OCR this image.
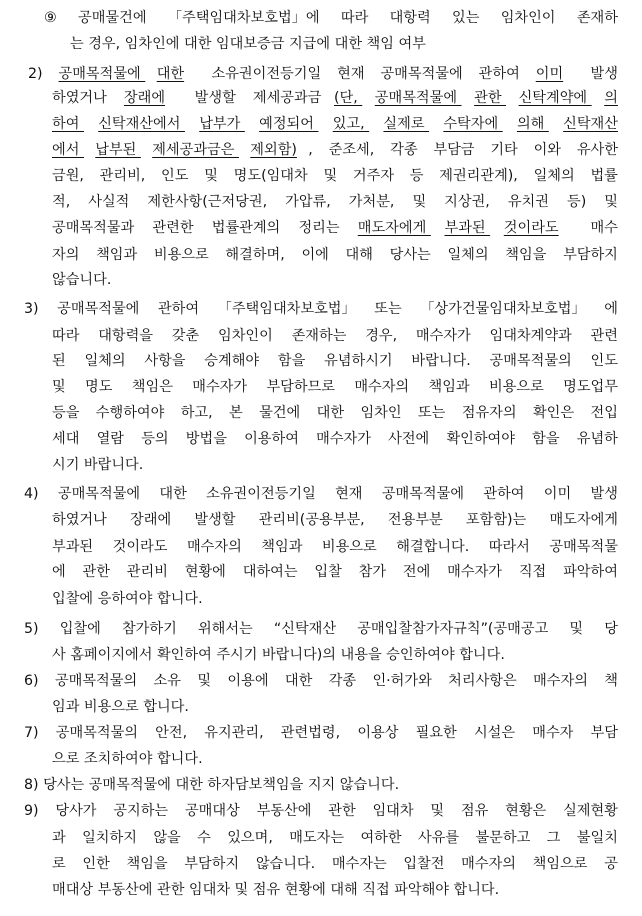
⑨ 공매물건에 「주택임대차보호법」에 따라 대항력 있는 임차인이 존재하
는 경우, 임차인에 대한 임대보증금 지급에 대한 책임 여부
2) 공매목적물에 대한
소유권이전등기일 현재 공매목적물에 관하여 이미
발생
하였거나 장래에
발생할 제세공과금 (단, 공매목적물에 관한 신탁계약에 의
하여 신탁재산에서 납부가 예정되어 있고, 실제로 수탁자에 의해 신탁재산
에서 납부된 제세공과금은 제외함) , 준조세, 각종 부담금 기타 이와 유사한
금원, 관리비, 인도 및 명도(임대차 및 거주자 등 제권리관계), 일체의 법률
적, 사실적 제한사항(근저당권, 가압류, 가처분, 및 지상권, 유치권 등) 및
공매목적물과 관련한 법률관계의 정리는 매도자에게 부과된 것이라도
매수
자의 책임과 비용으로 해결하며, 이에 대해 당사는 일체의 책임을 부담하지
않습니다.
3) 공매목적물에 관하여 「주택임대차보호법」 또는 「상가건물임대차보호법」 에
따라 대항력을 갖춘 임차인이 존재하는 경우, 매수자가 임대차계약과 관련
된 일체의 사항을 승계해야 함을 유념하시기 바랍니다. 공매목적물의 인도
및 명도 책임은 매수자가 부담하므로 매수자의 책임과 비용으로 명도업무
등을 수행하여야 하고, 본 물건에 대한 임차인 또는 점유자의 확인은 전입
세대 열람 등의 방법을 이용하여 매수자가 사전에 확인하여야 함을 유념하
시기 바랍니다.
4) 공매목적물에 대한 소유권이전등기일 현재 공매목적물에 관하여 이미 발생
하였거나 장래에 발생할 관리비(공용부분, 전용부분 포함함)는 매도자에게
부과된 것이라도 매수자의 책임과 비용으로 해결합니다. 따라서 공매목적물
에 관한 관리비 현황에 대하여는 입찰 참가 전에 매수자가 직접 파악하여
입찰에 응하여야 합니다.
5) 입찰에 참가하기 위해서는 “신탁재산 공매입찰참가자규칙”(공매공고 및 당
사 홈페이지에서 확인하여 주시기 바랍니다)의 내용을 승인하여야 합니다.
6) 공매목적물의 소유 및 이용에 대한 각종 인·허가와 처리사항은 매수자의 책
임과 비용으로 합니다.
7) 공매목적물의 안전, 유지관리, 관련법령, 이용상 필요한 시설은 매수자 부담
으로 조치하여야 합니다.
8) 당사는 공매목적물에 대한 하자담보책임을 지지 않습니다.
9) 당사가 공지하는 공매대상 부동산에 관한 임대차 및 점유 현황은 실제현황
과 일치하지 않을 수 있으며, 매도자는 여하한 사유를 불문하고 그 불일치
로 인한 책임을 부담하지 않습니다. 매수자는 입찰전 매수자의 책임으로 공
매대상 부동산에 관한 임대차 및 점유 현황에 대해 직접 파악해야 합니다.
